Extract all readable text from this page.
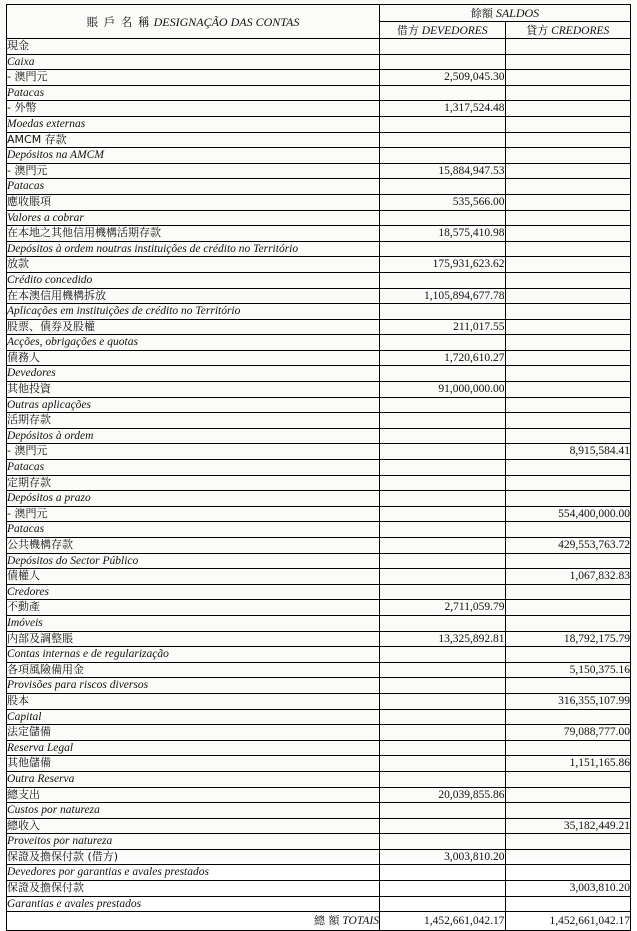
賬 戶 名 稱 DESIGNAÇÃO DAS CONTAS	餘額 SALDOS	
	借方 DEVEDORES	貸方 CREDORES
現金		
Caixa		
- 澳門元	2,509,045.30	
Patacas		
- 外幣	1,317,524.48	
Moedas externas		
AMCM 存款		
Depósitos na AMCM		
- 澳門元	15,884,947.53	
Patacas		
應收賬項	535,566.00	
Valores a cobrar		
在本地之其他信用機構活期存款	18,575,410.98	
Depósitos à ordem noutras instituições de crédito no Território		
放款	175,931,623.62	
Crédito concedido		
在本澳信用機構拆放	1,105,894,677.78	
Aplicações em instituições de crédito no Território		
股票、債券及股權	211,017.55	
Acções, obrigações e quotas		
債務人	1,720,610.27	
Devedores		
其他投資	91,000,000.00	
Outras aplicações		
活期存款		
Depósitos à ordem		
- 澳門元		8,915,584.41
Patacas		
定期存款		
Depósitos a prazo		
- 澳門元		554,400,000.00
Patacas		
公共機構存款		429,553,763.72
Depósitos do Sector Público		
債權人		1,067,832.83
Credores		
不動產	2,711,059.79	
Imóveis		
内部及調整賬	13,325,892.81	18,792,175.79
Contas internas e de regularização		
各項風險備用金		5,150,375.16
Provisões para riscos diversos		
股本		316,355,107.99
Capital		
法定儲備		79,088,777.00
Reserva Legal		
其他儲備		1,151,165.86
Outra Reserva		
總支出	20,039,855.86	
Custos por natureza		
總收入		35,182,449.21
Proveitos por natureza		
保證及擔保付款 (借方)	3,003,810.20	
Devedores por garantias e avales prestados		
保證及擔保付款		3,003,810.20
Garantias e avales prestados		
總 額 TOTAIS	1,452,661,042.17	1,452,661,042.17
